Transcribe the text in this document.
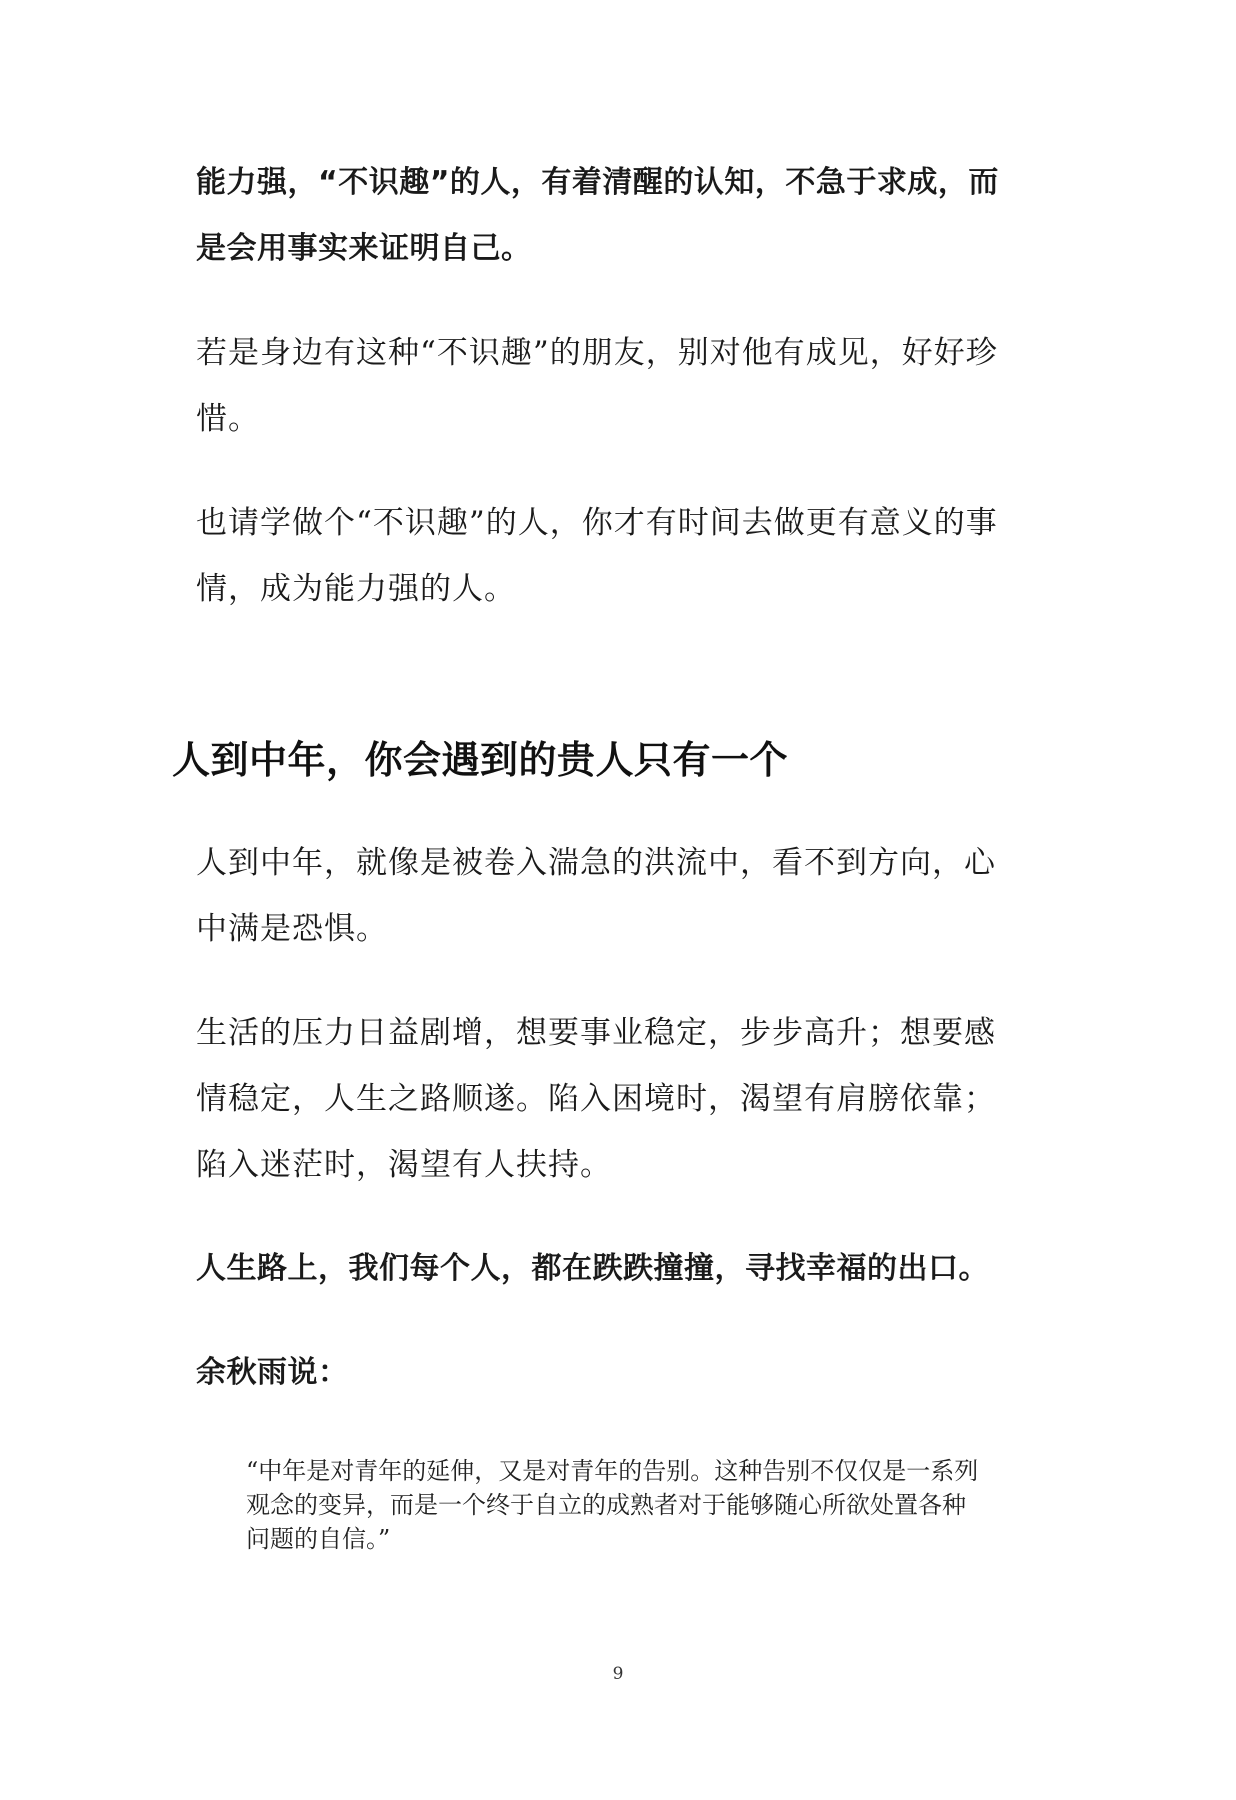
能力强，“不识趣”的人，有着清醒的认知，不急于求成，而是会用事实来证明自己。

若是身边有这种“不识趣”的朋友，别对他有成见，好好珍惜。

也请学做个“不识趣”的人，你才有时间去做更有意义的事情，成为能力强的人。

人到中年，你会遇到的贵人只有一个

人到中年，就像是被卷入湍急的洪流中，看不到方向，心中满是恐惧。

生活的压力日益剧增，想要事业稳定，步步高升；想要感情稳定，人生之路顺遂。陷入困境时，渴望有肩膀依靠；陷入迷茫时，渴望有人扶持。

人生路上，我们每个人，都在跌跌撞撞，寻找幸福的出口。

余秋雨说：

“中年是对青年的延伸，又是对青年的告别。这种告别不仅仅是一系列观念的变异，而是一个终于自立的成熟者对于能够随心所欲处置各种问题的自信。”

9
